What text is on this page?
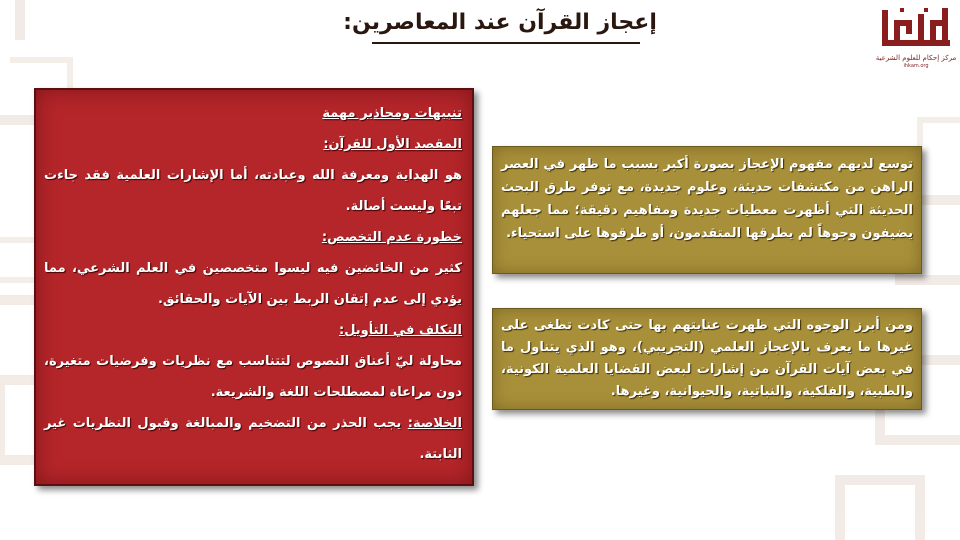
إعجاز القرآن عند المعاصرين:
مركز إحكام للعلوم الشرعية
ihkam.org

تنبيهات ومحاذير مهمة

المقصد الأول للقرآن:

هو الهداية ومعرفة الله وعبادته، أما الإشارات العلمية فقد جاءت تبعًا وليست أصالة.

خطورة عدم التخصص:

كثير من الخائضين فيه ليسوا متخصصين في العلم الشرعي، مما يؤدي إلى عدم إتقان الربط بين الآيات والحقائق.

التكلف في التأويل:

محاولة ليّ أعناق النصوص لتتناسب مع نظريات وفرضيات متغيرة، دون مراعاة لمصطلحات اللغة والشريعة.

الخلاصة: يجب الحذر من التضخيم والمبالغة وقبول النظريات غير الثابتة.

توسع لديهم مفهوم الإعجاز بصورة أكبر بسبب ما ظهر في العصر الراهن من مكتشفات حديثة، وعلوم جديدة، مع توفر طرق البحث الحديثة التي أظهرت معطيات جديدة ومفاهيم دقيقة؛ مما جعلهم يضيفون وجوهاً لم يطرقها المتقدمون، أو طرقوها على استحياء.
ومن أبرز الوجوه التي ظهرت عنايتهم بها حتى كادت تطغى على غيرها ما يعرف بالإعجاز العلمي (التجريبي)، وهو الذي يتناول ما في بعض آيات القرآن من إشارات لبعض القضايا العلمية الكونية، والطبية، والفلكية، والنباتية، والحيوانية، وغيرها.
